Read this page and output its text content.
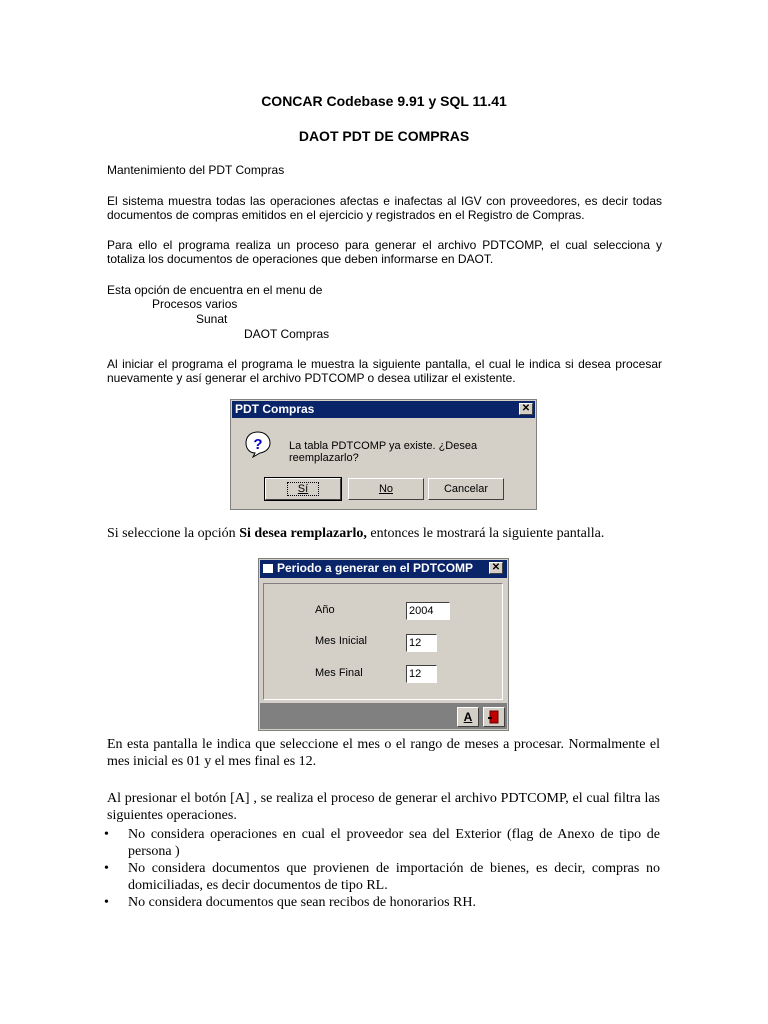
CONCAR Codebase 9.91 y SQL 11.41
DAOT PDT DE COMPRAS
Mantenimiento del PDT Compras
El sistema muestra todas las operaciones afectas e inafectas al IGV con proveedores, es decir todas documentos de compras emitidos en el ejercicio y registrados en el Registro de Compras.
Para ello el programa realiza un proceso para generar el archivo PDTCOMP, el cual selecciona y totaliza los documentos de operaciones que deben informarse en DAOT.
Esta opción de encuentra en el menu de
Procesos varios
Sunat
DAOT Compras
Al iniciar el programa el programa le muestra la siguiente pantalla, el cual le indica si desea procesar nuevamente y así generar el archivo PDTCOMP o desea utilizar el existente.
PDT Compras	✕
? La tabla PDTCOMP ya existe. ¿Desea reemplazarlo?
Sí	No	Cancelar
Si seleccione la opción Si desea remplazarlo, entonces le mostrará la siguiente pantalla.
Periodo a generar en el PDTCOMP ✕
Año	2004
Mes Inicial	12
Mes Final	12
A
En esta pantalla le indica que seleccione el mes o el rango de meses a procesar. Normalmente el mes inicial es 01 y el mes final es 12.
Al presionar el botón [A] , se realiza el proceso de generar el archivo PDTCOMP, el cual filtra las siguientes operaciones.
• No considera operaciones en cual el proveedor sea del Exterior (flag de Anexo de tipo de persona )
• No considera documentos que provienen de importación de bienes, es decir, compras no domiciliadas, es decir documentos de tipo RL.
• No considera documentos que sean recibos de honorarios RH.
